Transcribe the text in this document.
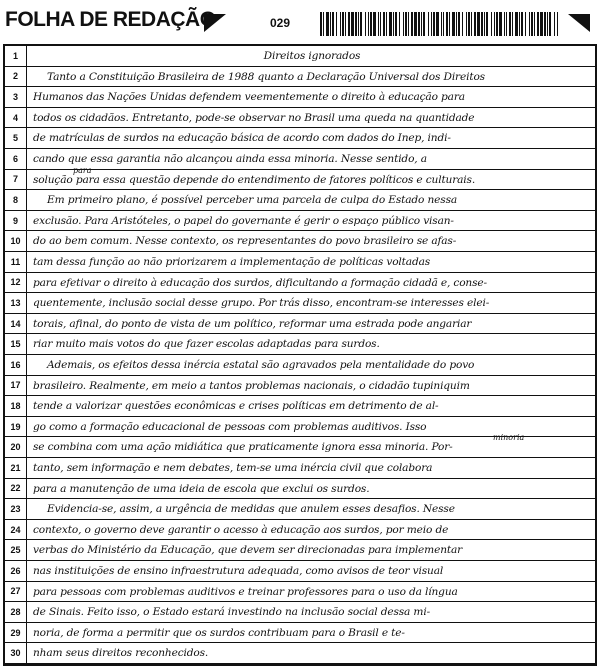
FOLHA DE REDAÇÃO	029
1	Direitos ignorados
2	Tanto a Constituição Brasileira de 1988 quanto a Declaração Universal dos Direitos
3	Humanos das Nações Unidas defendem veementemente o direito à educação para
4	todos os cidadãos. Entretanto, pode-se observar no Brasil uma queda na quantidade
5	de matrículas de surdos na educação básica de acordo com dados do Inep, indi-
6	cando que essa garantia não alcançou ainda essa minoria. Nesse sentido, a
7	solução para essa questão depende do entendimento de fatores políticos e culturais.
8	Em primeiro plano, é possível perceber uma parcela de culpa do Estado nessa
9	exclusão. Para Aristóteles, o papel do governante é gerir o espaço público visan-
10	do ao bem comum. Nesse contexto, os representantes do povo brasileiro se afas-
11	tam dessa função ao não priorizarem a implementação de políticas voltadas
12	para efetivar o direito à educação dos surdos, dificultando a formação cidadã e, conse-
13	quentemente, inclusão social desse grupo. Por trás disso, encontram-se interesses elei-
14	torais, afinal, do ponto de vista de um político, reformar uma estrada pode angariar
15	riar muito mais votos do que fazer escolas adaptadas para surdos.
16	Ademais, os efeitos dessa inércia estatal são agravados pela mentalidade do povo
17	brasileiro. Realmente, em meio a tantos problemas nacionais, o cidadão tupiniquim
18	tende a valorizar questões econômicas e crises políticas em detrimento de al-
19	go como a formação educacional de pessoas com problemas auditivos. Isso
20	se combina com uma ação midiática que praticamente ignora essa minoria. Por-
21	tanto, sem informação e nem debates, tem-se uma inércia civil que colabora
22	para a manutenção de uma ideia de escola que exclui os surdos.
23	Evidencia-se, assim, a urgência de medidas que anulem esses desafios. Nesse
24	contexto, o governo deve garantir o acesso à educação aos surdos, por meio de
25	verbas do Ministério da Educação, que devem ser direcionadas para implementar
26	nas instituições de ensino infraestrutura adequada, como avisos de teor visual
27	para pessoas com problemas auditivos e treinar professores para o uso da língua
28	de Sinais. Feito isso, o Estado estará investindo na inclusão social dessa mi-
29	noria, de forma a permitir que os surdos contribuam para o Brasil e te-
30	nham seus direitos reconhecidos.
para
minoria
